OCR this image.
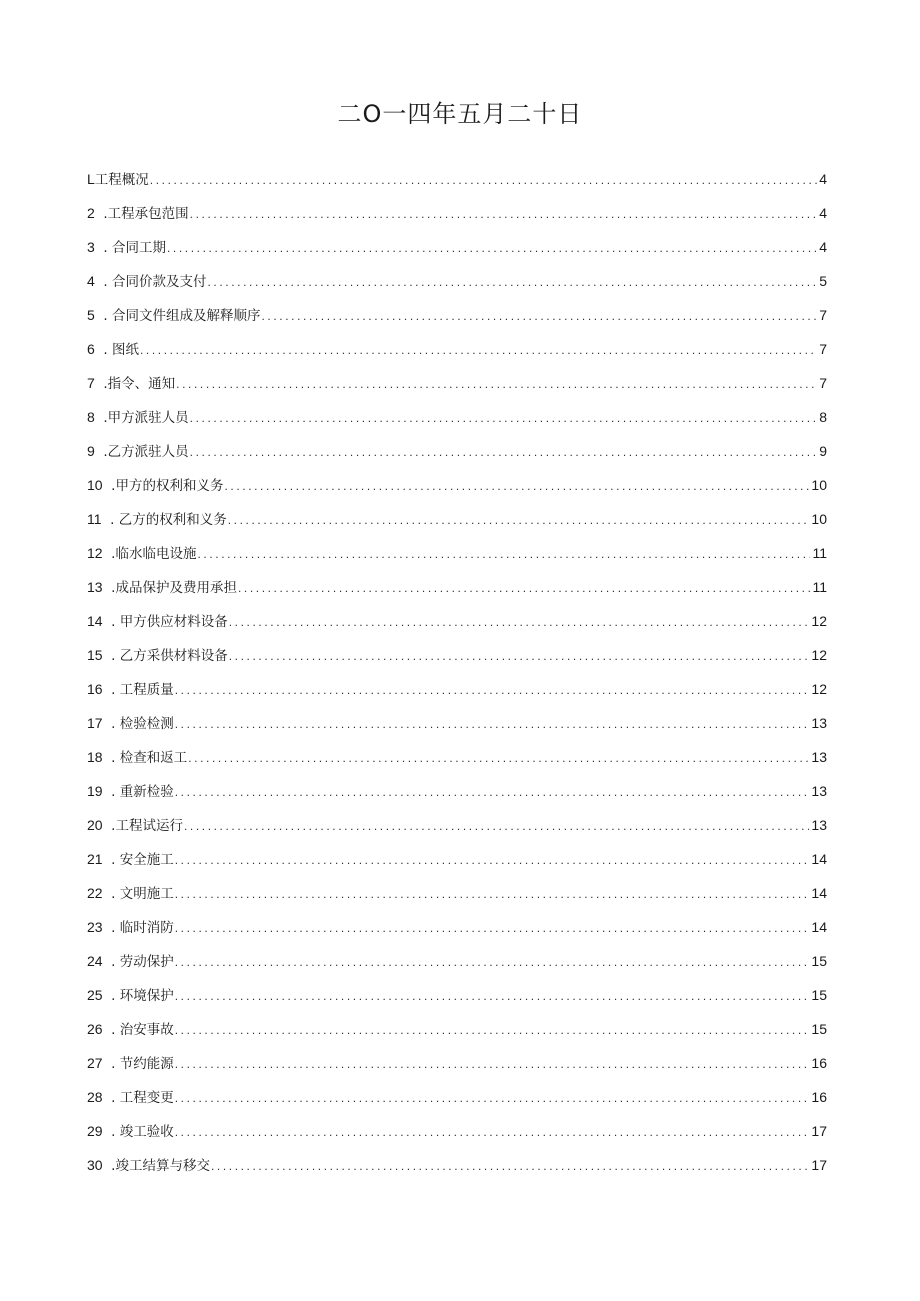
二O一四年五月二十日
L 工程概况 .....	4
2 . 工程承包范围 .....	4
3 . 合同工期 .....	4
4 . 合同价款及支付 .....	5
5 . 合同文件组成及解释顺序 .....	7
6 . 图纸 .....	7
7 . 指令、通知 .....	7
8 . 甲方派驻人员 .....	8
9 . 乙方派驻人员 .....	9
10 . 甲方的权利和义务 .....	10
11 . 乙方的权利和义务 .....	10
12 . 临水临电设施 .....	11
13 . 成品保护及费用承担 .....	11
14 . 甲方供应材料设备 .....	12
15 . 乙方采供材料设备 .....	12
16 . 工程质量 .....	12
17 . 检验检测 .....	13
18 . 检查和返工 .....	13
19 . 重新检验 .....	13
20 . 工程试运行 .....	13
21 . 安全施工 .....	14
22 . 文明施工 .....	14
23 . 临时消防 .....	14
24 . 劳动保护 .....	15
25 . 环境保护 .....	15
26 . 治安事故 .....	15
27 . 节约能源 .....	16
28 . 工程变更 .....	16
29 . 竣工验收 .....	17
30 . 竣工结算与移交 .....	17
